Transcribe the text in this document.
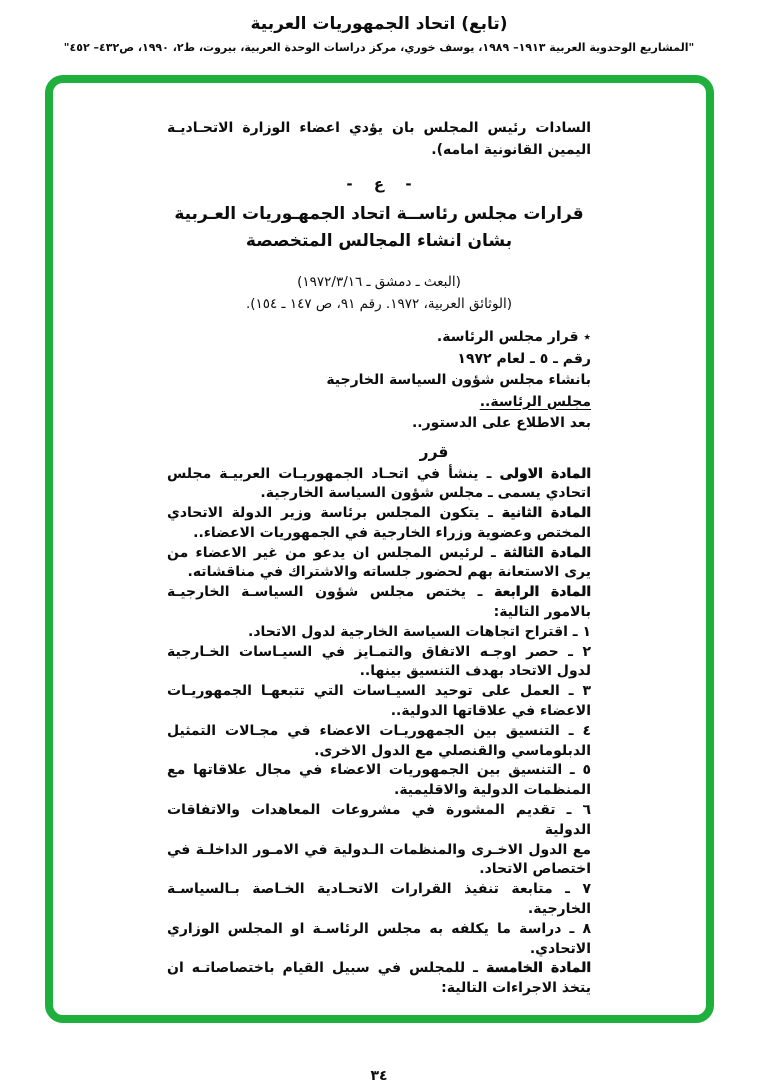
(تابع) اتحاد الجمهوريات العربية
"المشاريع الوحدوية العربية ١٩١٣– ١٩٨٩، يوسف خوري، مركز دراسات الوحدة العربية، بيروت، ط٢، ١٩٩٠، ص٤٣٢– ٤٥٢"
السادات رئيس المجلس بان يؤدي اعضاء الوزارة الاتحـاديـة
اليمين القانونية امامه).
- ع -
قرارات مجلس رئاســة اتحاد الجمهـوريات العـربية
بشان انشاء المجالس المتخصصة
(البعث ـ دمشق ـ ١٩٧٢/٣/١٦)
(الوثائق العربية، ١٩٧٢. رقم ٩١، ص ١٤٧ ـ ١٥٤).
٭ قرار مجلس الرئاسة.
رقم ـ ٥ ـ لعام ١٩٧٢
بانشاء مجلس شؤون السياسة الخارجية
مجلس الرئاسة..
بعد الاطلاع على الدستور..
قرر
المادة الاولى ـ ينشأ في اتحـاد الجمهوريـات العربيـة مجلس
اتحادي يسمى ـ مجلس شؤون السياسة الخارجية.
المادة الثانية ـ يتكون المجلس برئاسة وزير الدولة الاتحادي
المختص وعضوية وزراء الخارجية في الجمهوريات الاعضاء..
المادة الثالثة ـ لرئيس المجلس ان يدعو من غير الاعضاء من
يرى الاستعانة بهم لحضور جلساته والاشتراك في مناقشاته.
المادة الرابعة ـ يختص مجلس شؤون السياسـة الخارجيـة
بالامور التالية:
١ ـ اقتراح اتجاهات السياسة الخارجية لدول الاتحاد.
٢ ـ حصر اوجـه الاتفاق والتمـايز في السيـاسات الخـارجية
لدول الاتحاد بهدف التنسيق بينها..
٣ ـ العمل على توحيد السيـاسات التي تتبعهـا الجمهوريـات
الاعضاء في علاقاتها الدولية..
٤ ـ التنسيق بين الجمهوريـات الاعضاء في مجـالات التمثيل
الدبلوماسي والقنصلي مع الدول الاخرى.
٥ ـ التنسيق بين الجمهوريات الاعضاء في مجال علاقاتها مع
المنظمات الدولية والاقليمية.
٦ ـ تقديم المشورة في مشروعات المعاهدات والاتفاقات الدولية
مع الدول الاخـرى والمنظمات الـدولية في الامـور الداخلـة في
اختصاص الاتحاد.
٧ ـ متابعة تنفيذ القرارات الاتحـادية الخـاصة بـالسياسـة
الخارجية.
٨ ـ دراسة ما يكلفه به مجلس الرئاسـة او المجلس الوزاري
الاتحادي.
المادة الخامسة ـ للمجلس في سبيل القيام باختصاصاتـه ان
يتخذ الاجراءات التالية:
٣٤
